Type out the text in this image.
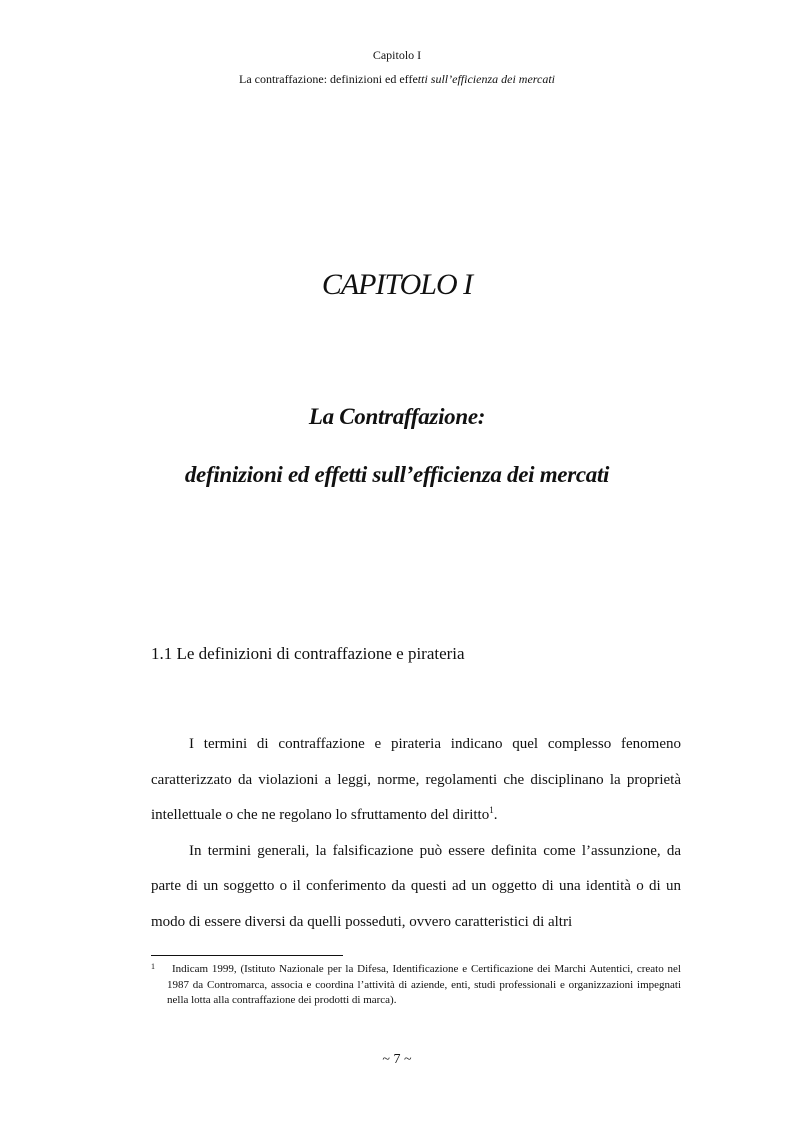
Capitolo I
La contraffazione: definizioni ed effetti sull’efficienza dei mercati
CAPITOLO I
La Contraffazione:
definizioni ed effetti sull’efficienza dei mercati
1.1 Le definizioni di contraffazione e pirateria

I termini di contraffazione e pirateria indicano quel complesso fenomeno caratterizzato da violazioni a leggi, norme, regolamenti che disciplinano la proprietà intellettuale o che ne regolano lo sfruttamento del diritto$^1$.

In termini generali, la falsificazione può essere definita come l’assunzione, da parte di un soggetto o il conferimento da questi ad un oggetto di una identità o di un modo di essere diversi da quelli posseduti, ovvero caratteristici di altri

1	Indicam 1999, (Istituto Nazionale per la Difesa, Identificazione e Certificazione dei Marchi Autentici, creato nel 1987 da Contromarca, associa e coordina l’attività di aziende, enti, studi professionali e organizzazioni impegnati nella lotta alla contraffazione dei prodotti di marca).
~ 7 ~
